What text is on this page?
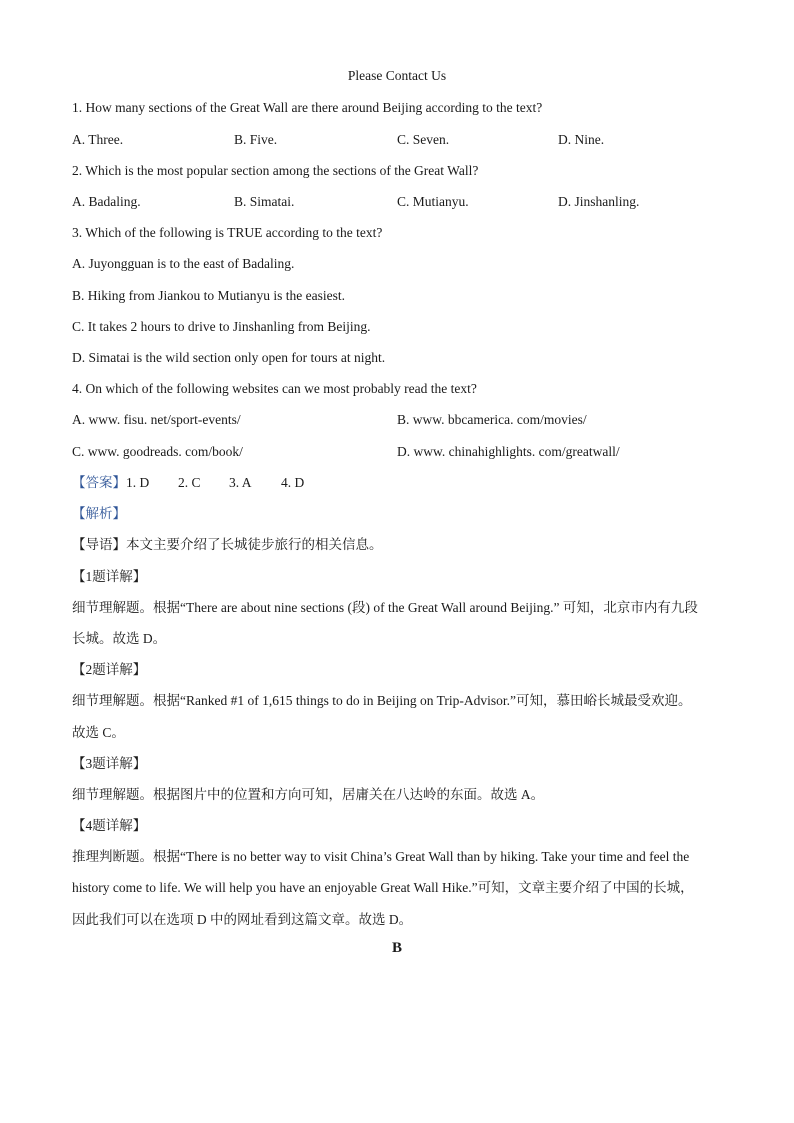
Please Contact Us
1. How many sections of the Great Wall are there around Beijing according to the text?
A. Three.	B. Five.	C. Seven.	D. Nine.
2. Which is the most popular section among the sections of the Great Wall?
A. Badaling.	B. Simatai.	C. Mutianyu.	D. Jinshanling.
3. Which of the following is TRUE according to the text?
A. Juyongguan is to the east of Badaling.
B. Hiking from Jiankou to Mutianyu is the easiest.
C. It takes 2 hours to drive to Jinshanling from Beijing.
D. Simatai is the wild section only open for tours at night.
4. On which of the following websites can we most probably read the text?
A. www. fisu. net/sport-events/	B. www. bbcamerica. com/movies/
C. www. goodreads. com/book/	D. www. chinahighlights. com/greatwall/
【答案】1. D 2. C 3. A 4. D
【解析】
【导语】本文主要介绍了长城徒步旅行的相关信息。
【1题详解】
细节理解题。根据“There are about nine sections (段) of the Great Wall around Beijing.” 可知，北京市内有九段
长城。故选 D。
【2题详解】
细节理解题。根据“Ranked #1 of 1,615 things to do in Beijing on Trip-Advisor.”可知，慕田峪长城最受欢迎。
故选 C。
【3题详解】
细节理解题。根据图片中的位置和方向可知，居庸关在八达岭的东面。故选 A。
【4题详解】
推理判断题。根据“There is no better way to visit China’s Great Wall than by hiking. Take your time and feel the
history come to life. We will help you have an enjoyable Great Wall Hike.”可知，文章主要介绍了中国的长城，
因此我们可以在选项 D 中的网址看到这篇文章。故选 D。
B
